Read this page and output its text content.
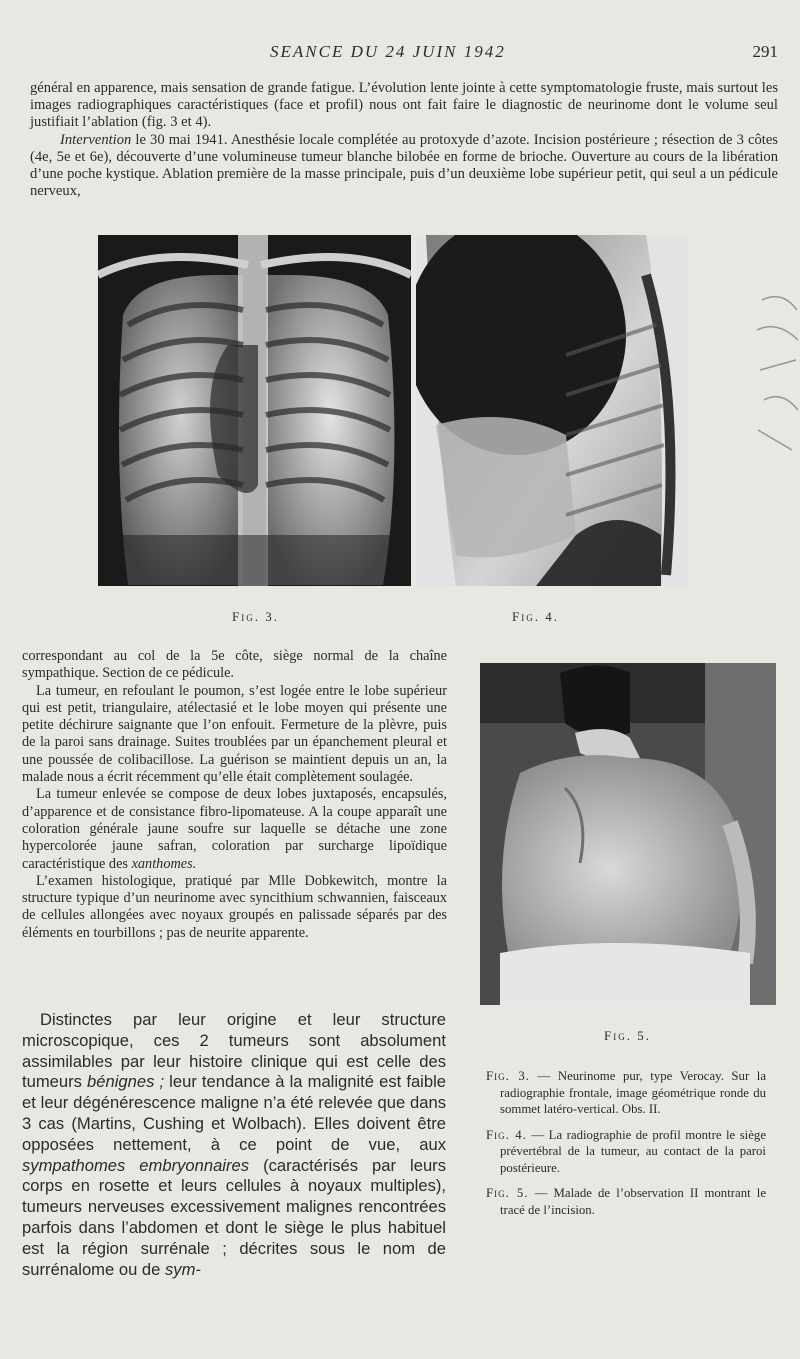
SEANCE DU 24 JUIN 1942	291

général en apparence, mais sensation de grande fatigue. L’évolution lente jointe à cette symptomatologie fruste, mais surtout les images radiographiques caractéristiques (face et profil) nous ont fait faire le diagnostic de neurinome dont le volume seul justifiait l’ablation (fig. 3 et 4).

Intervention le 30 mai 1941. Anesthésie locale complétée au protoxyde d’azote. Incision postérieure ; résection de 3 côtes (4e, 5e et 6e), découverte d’une volumineuse tumeur blanche bilobée en forme de brioche. Ouverture au cours de la libération d’une poche kystique. Ablation première de la masse principale, puis d’un deuxième lobe supérieur petit, qui seul a un pédicule nerveux,

Fig. 3.	Fig. 4.
Fig. 5.

correspondant au col de la 5e côte, siège normal de la chaîne sympathique. Section de ce pédicule.

La tumeur, en refoulant le poumon, s’est logée entre le lobe supérieur qui est petit, triangulaire, atélectasié et le lobe moyen qui présente une petite déchirure saignante que l’on enfouit. Fermeture de la plèvre, puis de la paroi sans drainage. Suites troublées par un épanchement pleural et une poussée de colibacillose. La guérison se maintient depuis un an, la malade nous a écrit récemment qu’elle était complètement soulagée.

La tumeur enlevée se compose de deux lobes juxtaposés, encapsulés, d’apparence et de consistance fibro-lipomateuse. A la coupe apparaît une coloration générale jaune soufre sur laquelle se détache une zone hypercolorée jaune safran, coloration par surcharge lipoïdique caractéristique des xanthomes.

L’examen histologique, pratiqué par Mlle Dobkewitch, montre la structure typique d’un neurinome avec syncithium schwannien, faisceaux de cellules allongées avec noyaux groupés en palissade séparés par des éléments en tourbillons ; pas de neurite apparente.

Distinctes par leur origine et leur structure microscopique, ces 2 tumeurs sont absolument assimilables par leur histoire clinique qui est celle des tumeurs bénignes ; leur tendance à la malignité est faible et leur dégénérescence maligne n’a été relevée que dans 3 cas (Martins, Cushing et Wolbach). Elles doivent être opposées nettement, à ce point de vue, aux sympathomes embryonnaires (caractérisés par leurs corps en rosette et leurs cellules à noyaux multiples), tumeurs nerveuses excessivement malignes rencontrées parfois dans l’abdomen et dont le siège le plus habituel est la région surrénale ; décrites sous le nom de surrénalome ou de sym-

Fig. 3. — Neurinome pur, type Verocay. Sur la radiographie frontale, image géométrique ronde du sommet latéro-vertical. Obs. II.

Fig. 4. — La radiographie de profil montre le siège prévertébral de la tumeur, au contact de la paroi postérieure.

Fig. 5. — Malade de l’observation II montrant le tracé de l’incision.
